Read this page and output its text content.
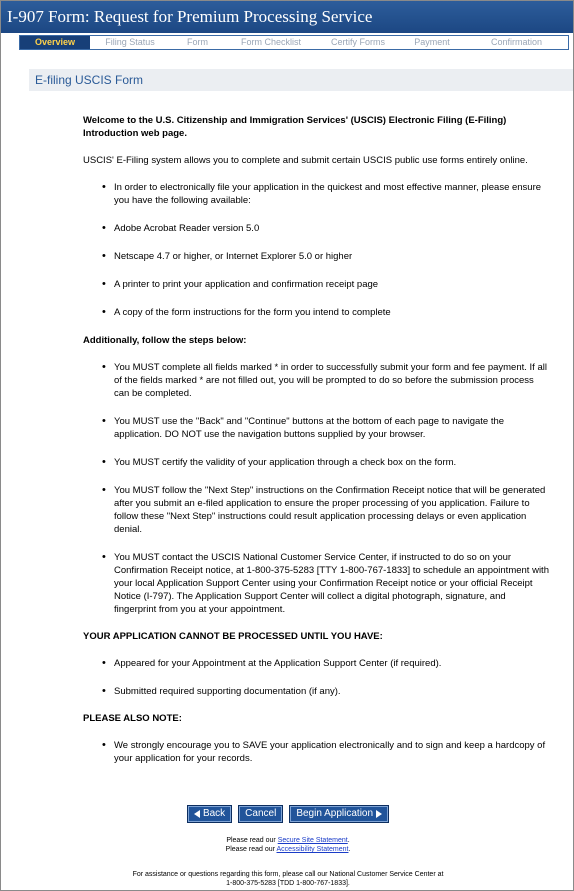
I-907 Form: Request for Premium Processing Service
Overview	Filing Status	Form	Form Checklist	Certify Forms	Payment	Confirmation
E-filing USCIS Form

Welcome to the U.S. Citizenship and Immigration Services' (USCIS) Electronic Filing (E-Filing) Introduction web page.

USCIS' E-Filing system allows you to complete and submit certain USCIS public use forms entirely online.

• In order to electronically file your application in the quickest and most effective manner, please ensure you have the following available:
• Adobe Acrobat Reader version 5.0
• Netscape 4.7 or higher, or Internet Explorer 5.0 or higher
• A printer to print your application and confirmation receipt page
• A copy of the form instructions for the form you intend to complete

Additionally, follow the steps below:

• You MUST complete all fields marked * in order to successfully submit your form and fee payment. If all of the fields marked * are not filled out, you will be prompted to do so before the submission process can be completed.
• You MUST use the "Back" and "Continue" buttons at the bottom of each page to navigate the application. DO NOT use the navigation buttons supplied by your browser.
• You MUST certify the validity of your application through a check box on the form.
• You MUST follow the "Next Step" instructions on the Confirmation Receipt notice that will be generated after you submit an e-filed application to ensure the proper processing of you application. Failure to follow these "Next Step" instructions could result application processing delays or even application denial.
• You MUST contact the USCIS National Customer Service Center, if instructed to do so on your Confirmation Receipt notice, at 1-800-375-5283 [TTY 1-800-767-1833] to schedule an appointment with your local Application Support Center using your Confirmation Receipt notice or your official Receipt Notice (I-797). The Application Support Center will collect a digital photograph, signature, and fingerprint from you at your appointment.

YOUR APPLICATION CANNOT BE PROCESSED UNTIL YOU HAVE:

• Appeared for your Appointment at the Application Support Center (if required).
• Submitted required supporting documentation (if any).

PLEASE ALSO NOTE:

• We strongly encourage you to SAVE your application electronically and to sign and keep a hardcopy of your application for your records.
Back Cancel Begin Application
Please read our Secure Site Statement.
Please read our Accessibility Statement.
For assistance or questions regarding this form, please call our National Customer Service Center at
1-800-375-5283 [TDD 1-800-767-1833].
